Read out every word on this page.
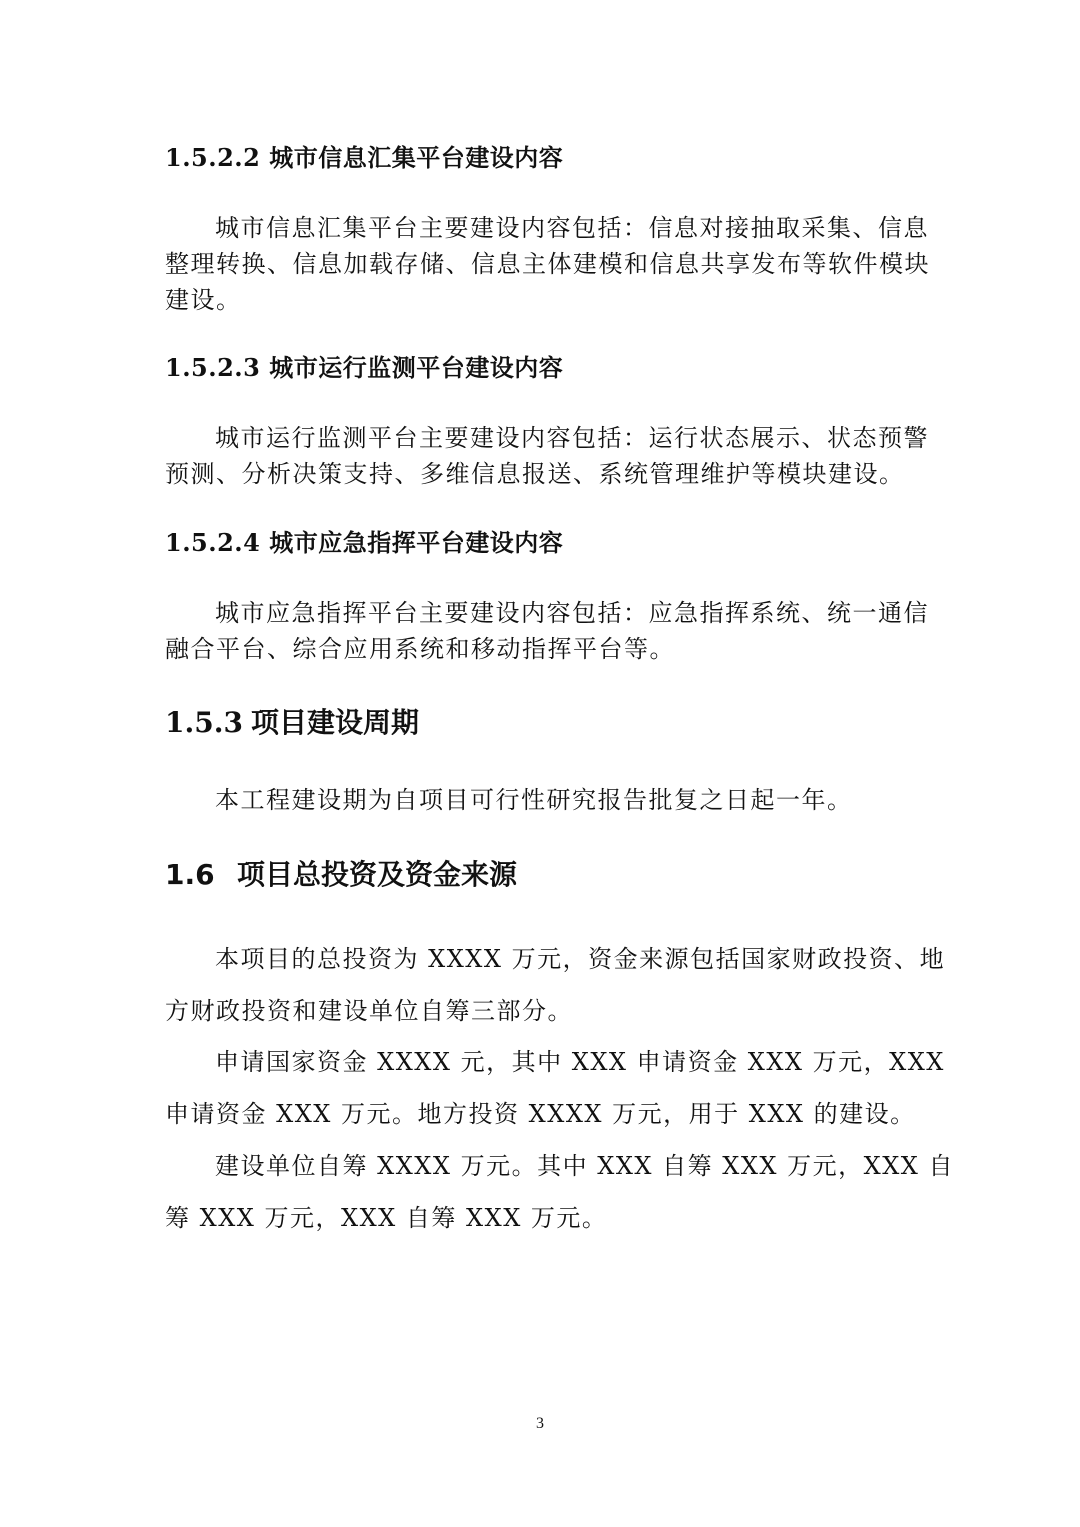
1.5.2.2 城市信息汇集平台建设内容
城市信息汇集平台主要建设内容包括：信息对接抽取采集、信息
整理转换、信息加载存储、信息主体建模和信息共享发布等软件模块
建设。
1.5.2.3 城市运行监测平台建设内容
城市运行监测平台主要建设内容包括：运行状态展示、状态预警
预测、分析决策支持、多维信息报送、系统管理维护等模块建设。
1.5.2.4 城市应急指挥平台建设内容
城市应急指挥平台主要建设内容包括：应急指挥系统、统一通信
融合平台、综合应用系统和移动指挥平台等。
1.5.3 项目建设周期
本工程建设期为自项目可行性研究报告批复之日起一年。
1.6 项目总投资及资金来源
本项目的总投资为 XXXX 万元，资金来源包括国家财政投资、地
方财政投资和建设单位自筹三部分。
申请国家资金 XXXX 元，其中 XXX 申请资金 XXX 万元，XXX
申请资金 XXX 万元。地方投资 XXXX 万元，用于 XXX 的建设。
建设单位自筹 XXXX 万元。其中 XXX 自筹 XXX 万元，XXX 自
筹 XXX 万元，XXX 自筹 XXX 万元。
3
